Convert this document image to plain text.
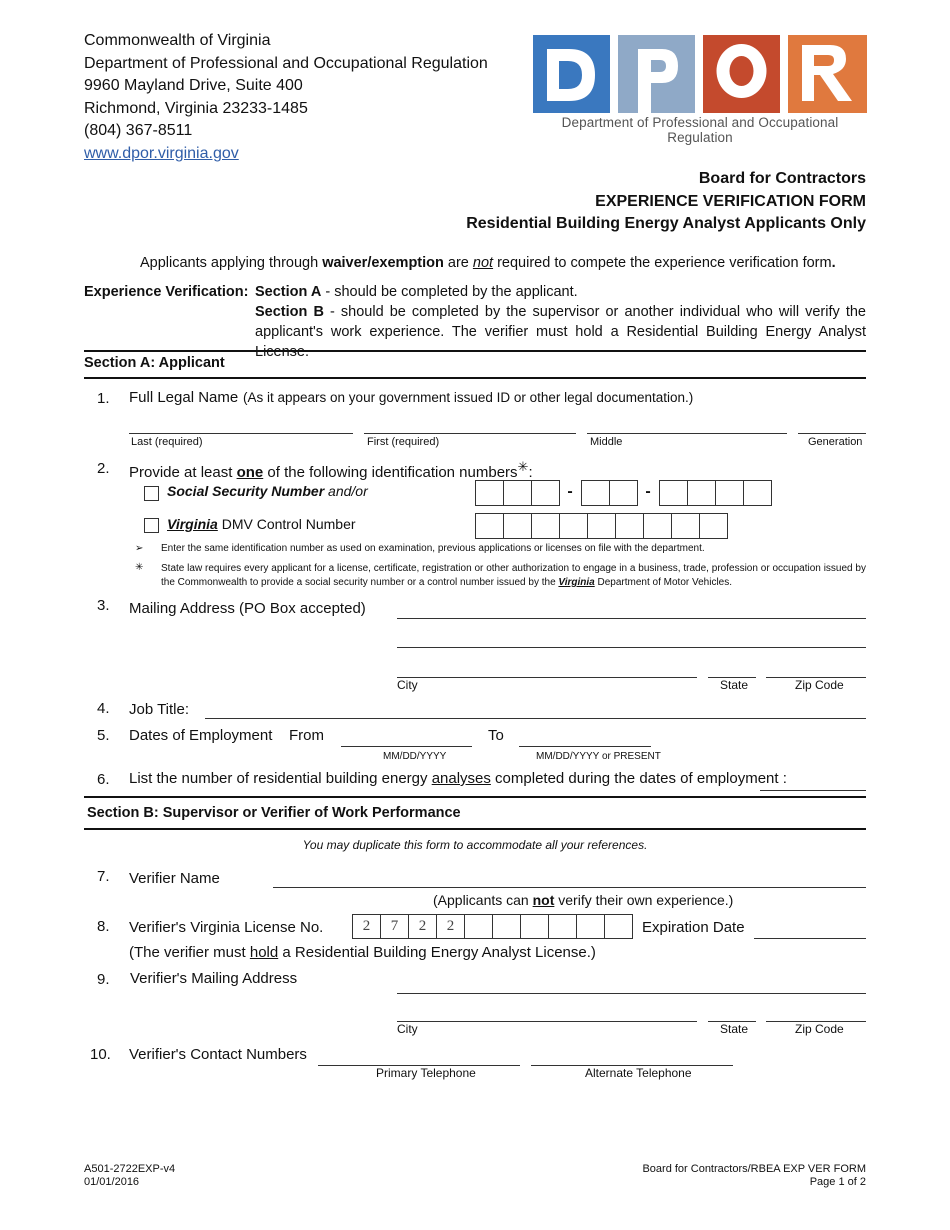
Commonwealth of Virginia
Department of Professional and Occupational Regulation
9960 Mayland Drive, Suite 400
Richmond, Virginia 23233-1485
(804) 367-8511
www.dpor.virginia.gov
Department of Professional and Occupational Regulation
Board for Contractors
EXPERIENCE VERIFICATION FORM
Residential Building Energy Analyst Applicants Only
Applicants applying through waiver/exemption are not required to compete the experience verification form.
Experience Verification: Section A - should be completed by the applicant.
Section B - should be completed by the supervisor or another individual who will verify the applicant's work experience. The verifier must hold a Residential Building Energy Analyst License.
Section A: Applicant
1. Full Legal Name (As it appears on your government issued ID or other legal documentation.)
Last (required)	First (required)	Middle	Generation
2. Provide at least one of the following identification numbers✳:
Social Security Number and/or	-	-
Virginia DMV Control Number
➢ Enter the same identification number as used on examination, previous applications or licenses on file with the department.
✳ State law requires every applicant for a license, certificate, registration or other authorization to engage in a business, trade, profession or occupation issued by the Commonwealth to provide a social security number or a control number issued by the Virginia Department of Motor Vehicles.
3. Mailing Address (PO Box accepted)
City	State	Zip Code
4. Job Title:
5. Dates of Employment From
MM/DD/YYYY
To
MM/DD/YYYY or PRESENT
6. List the number of residential building energy analyses completed during the dates of employment :
Section B: Supervisor or Verifier of Work Performance
You may duplicate this form to accommodate all your references.
7. Verifier Name
(Applicants can not verify their own experience.)
8. Verifier's Virginia License No.	2	7	2	2	Expiration Date
(The verifier must hold a Residential Building Energy Analyst License.)
9. Verifier's Mailing Address
City	State	Zip Code
10. Verifier's Contact Numbers
Primary Telephone	Alternate Telephone
A501-2722EXP-v4
01/01/2016
Board for Contractors/RBEA EXP VER FORM
Page 1 of 2
